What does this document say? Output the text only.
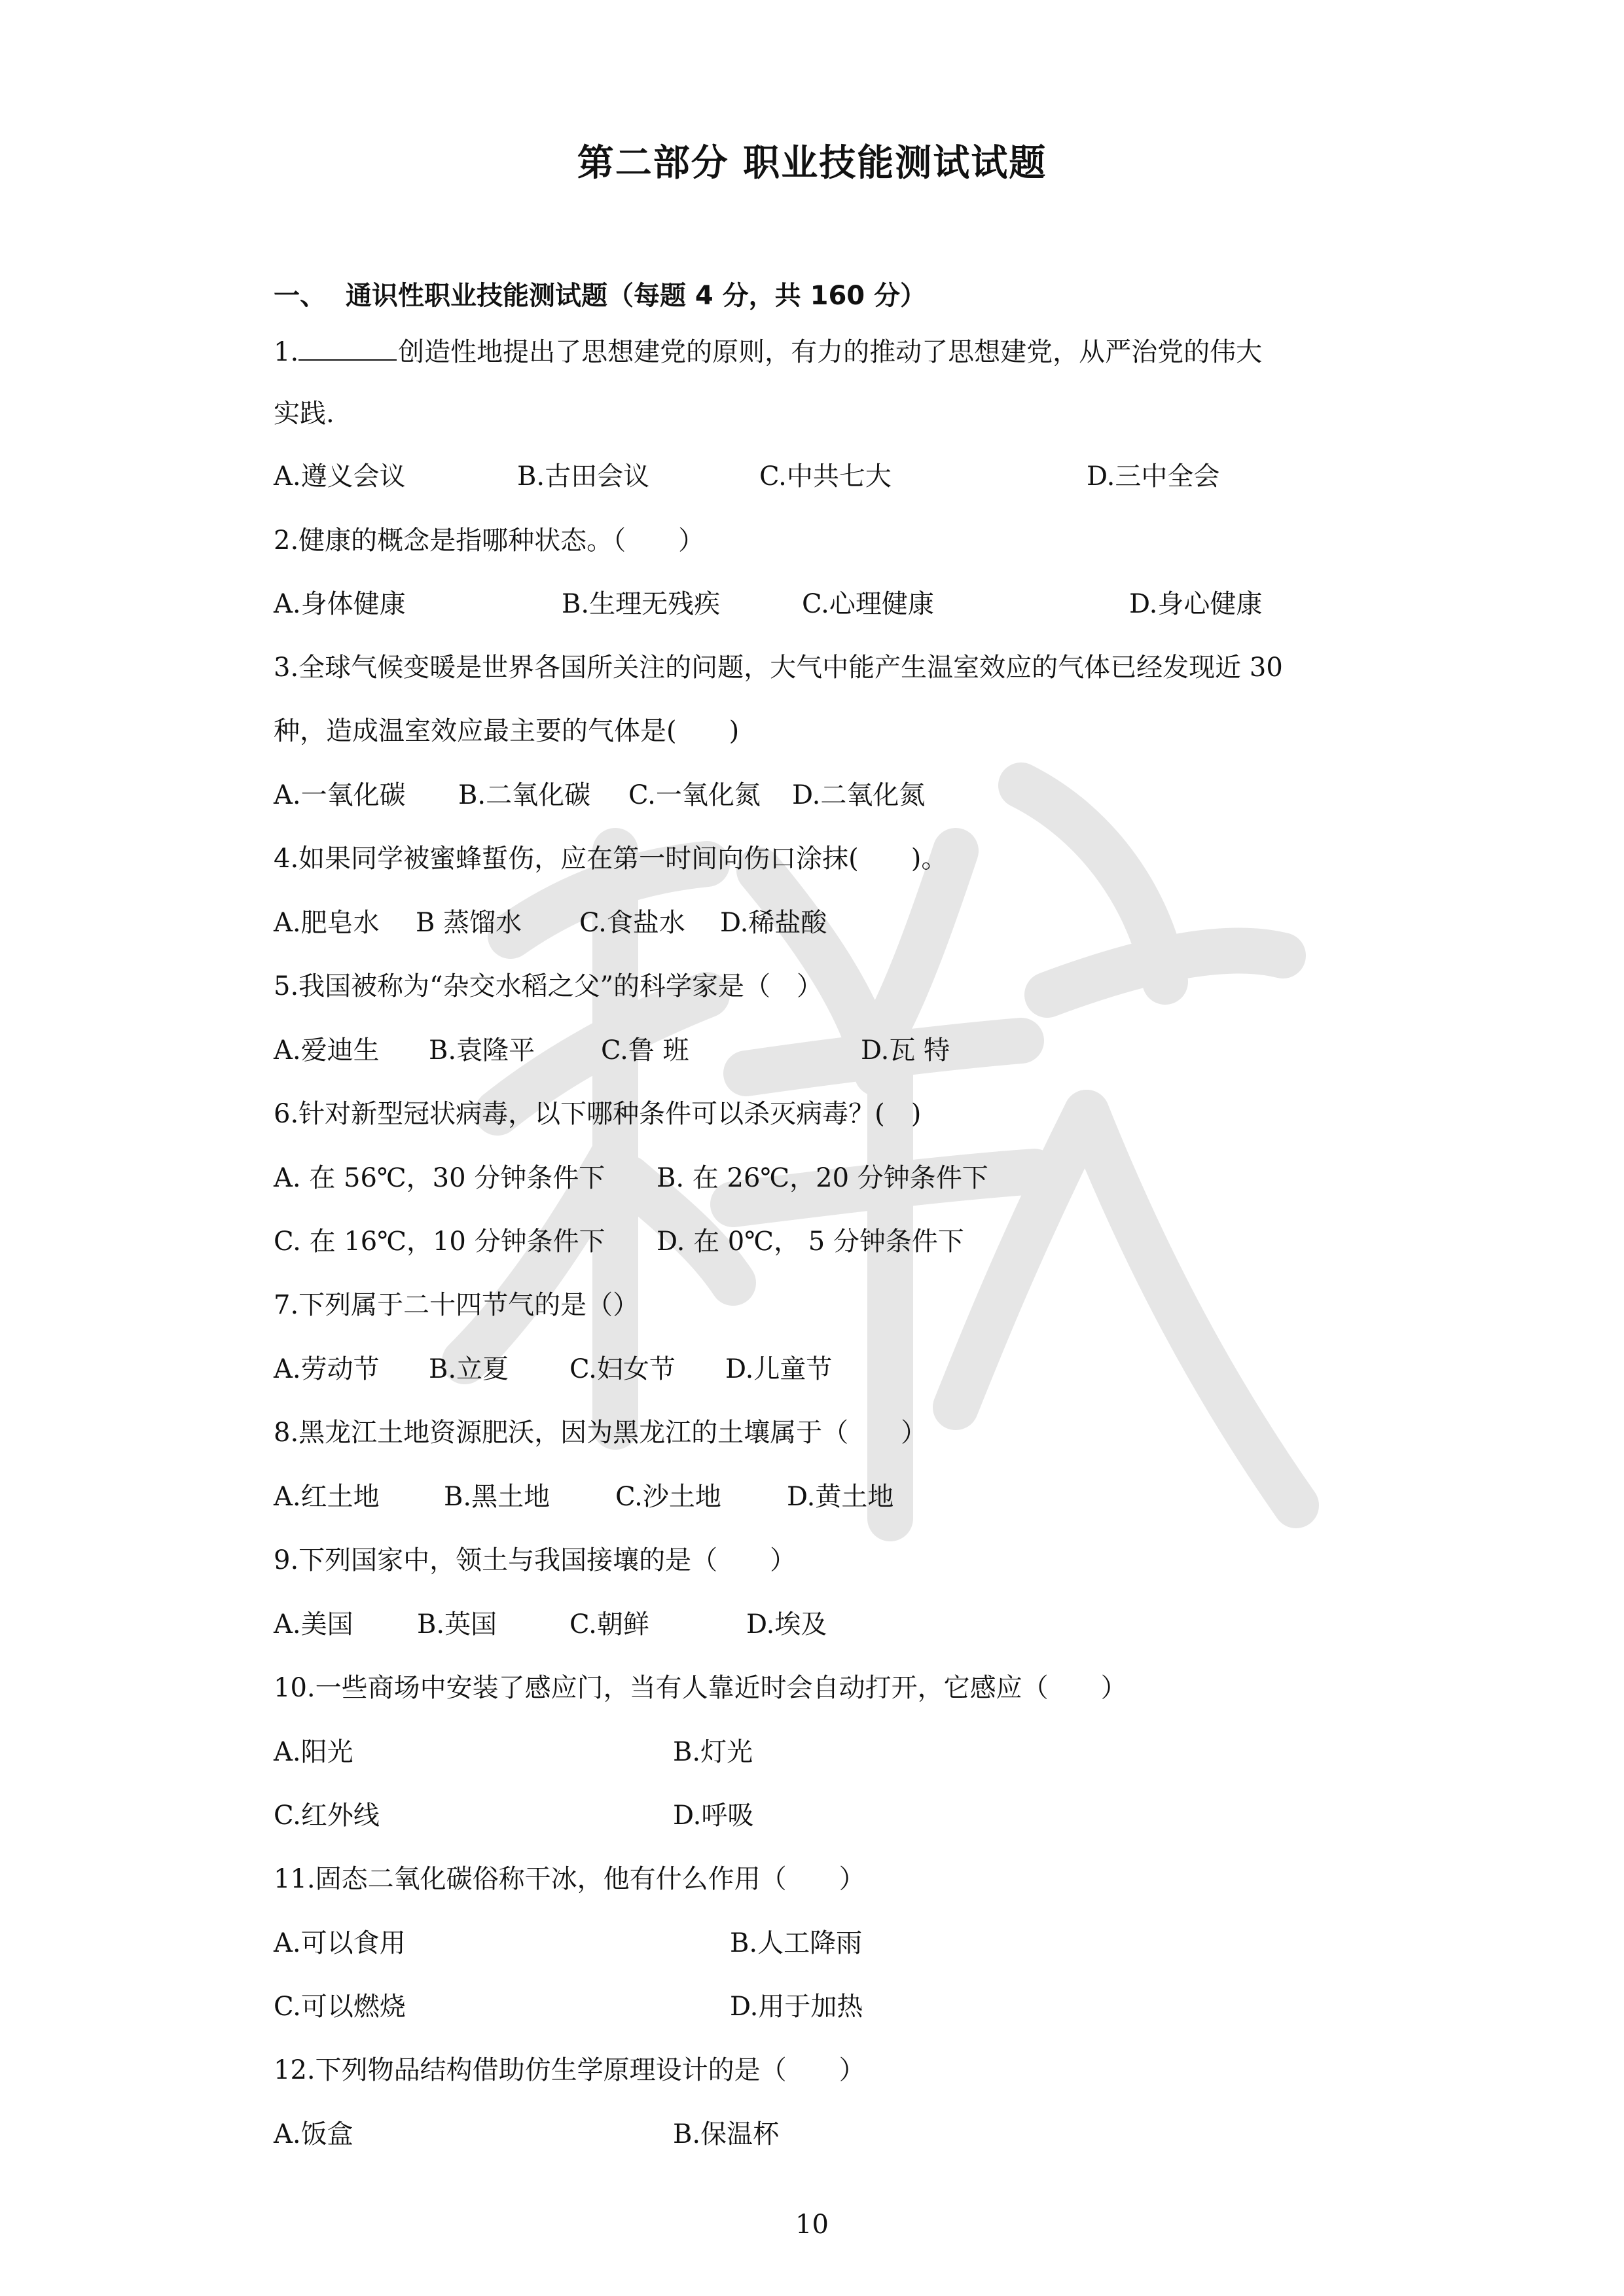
第二部分 职业技能测试试题
一、 通识性职业技能测试题（每题 4 分，共 160 分）
1.	创造性地提出了思想建党的原则，有力的推动了思想建党，从严治党的伟大
实践.
A.遵义会议	B.古田会议	C.中共七大	D.三中全会
2.健康的概念是指哪种状态。（　　）
A.身体健康	B.生理无残疾	C.心理健康	D.身心健康
3.全球气候变暖是世界各国所关注的问题，大气中能产生温室效应的气体已经发现近 30
种，造成温室效应最主要的气体是(　　)
A.一氧化碳 B.二氧化碳 C.一氧化氮 D.二氧化氮
4.如果同学被蜜蜂蜇伤，应在第一时间向伤口涂抹(　　)。
A.肥皂水 B 蒸馏水 C.食盐水 D.稀盐酸
5.我国被称为“杂交水稻之父”的科学家是（　）
A.爱迪生 B.袁隆平	C.鲁 班	D.瓦 特
6.针对新型冠状病毒，以下哪种条件可以杀灭病毒？(　)
A. 在 56℃，30 分钟条件下 B. 在 26℃，20 分钟条件下
C. 在 16℃，10 分钟条件下 D. 在 0℃， 5 分钟条件下
7.下列属于二十四节气的是（）
A.劳动节 B.立夏 C.妇女节 D.儿童节
8.黑龙江土地资源肥沃，因为黑龙江的土壤属于（　　）
A.红土地 B.黑土地 C.沙土地	D.黄土地
9.下列国家中，领土与我国接壤的是（　　）
A.美国 B.英国	C.朝鲜	D.埃及
10.一些商场中安装了感应门，当有人靠近时会自动打开，它感应（　　）
A.阳光	B.灯光
C.红外线	D.呼吸
11.固态二氧化碳俗称干冰，他有什么作用（　　）
A.可以食用	B.人工降雨
C.可以燃烧	D.用于加热
12.下列物品结构借助仿生学原理设计的是（　　）
A.饭盒	B.保温杯
10
